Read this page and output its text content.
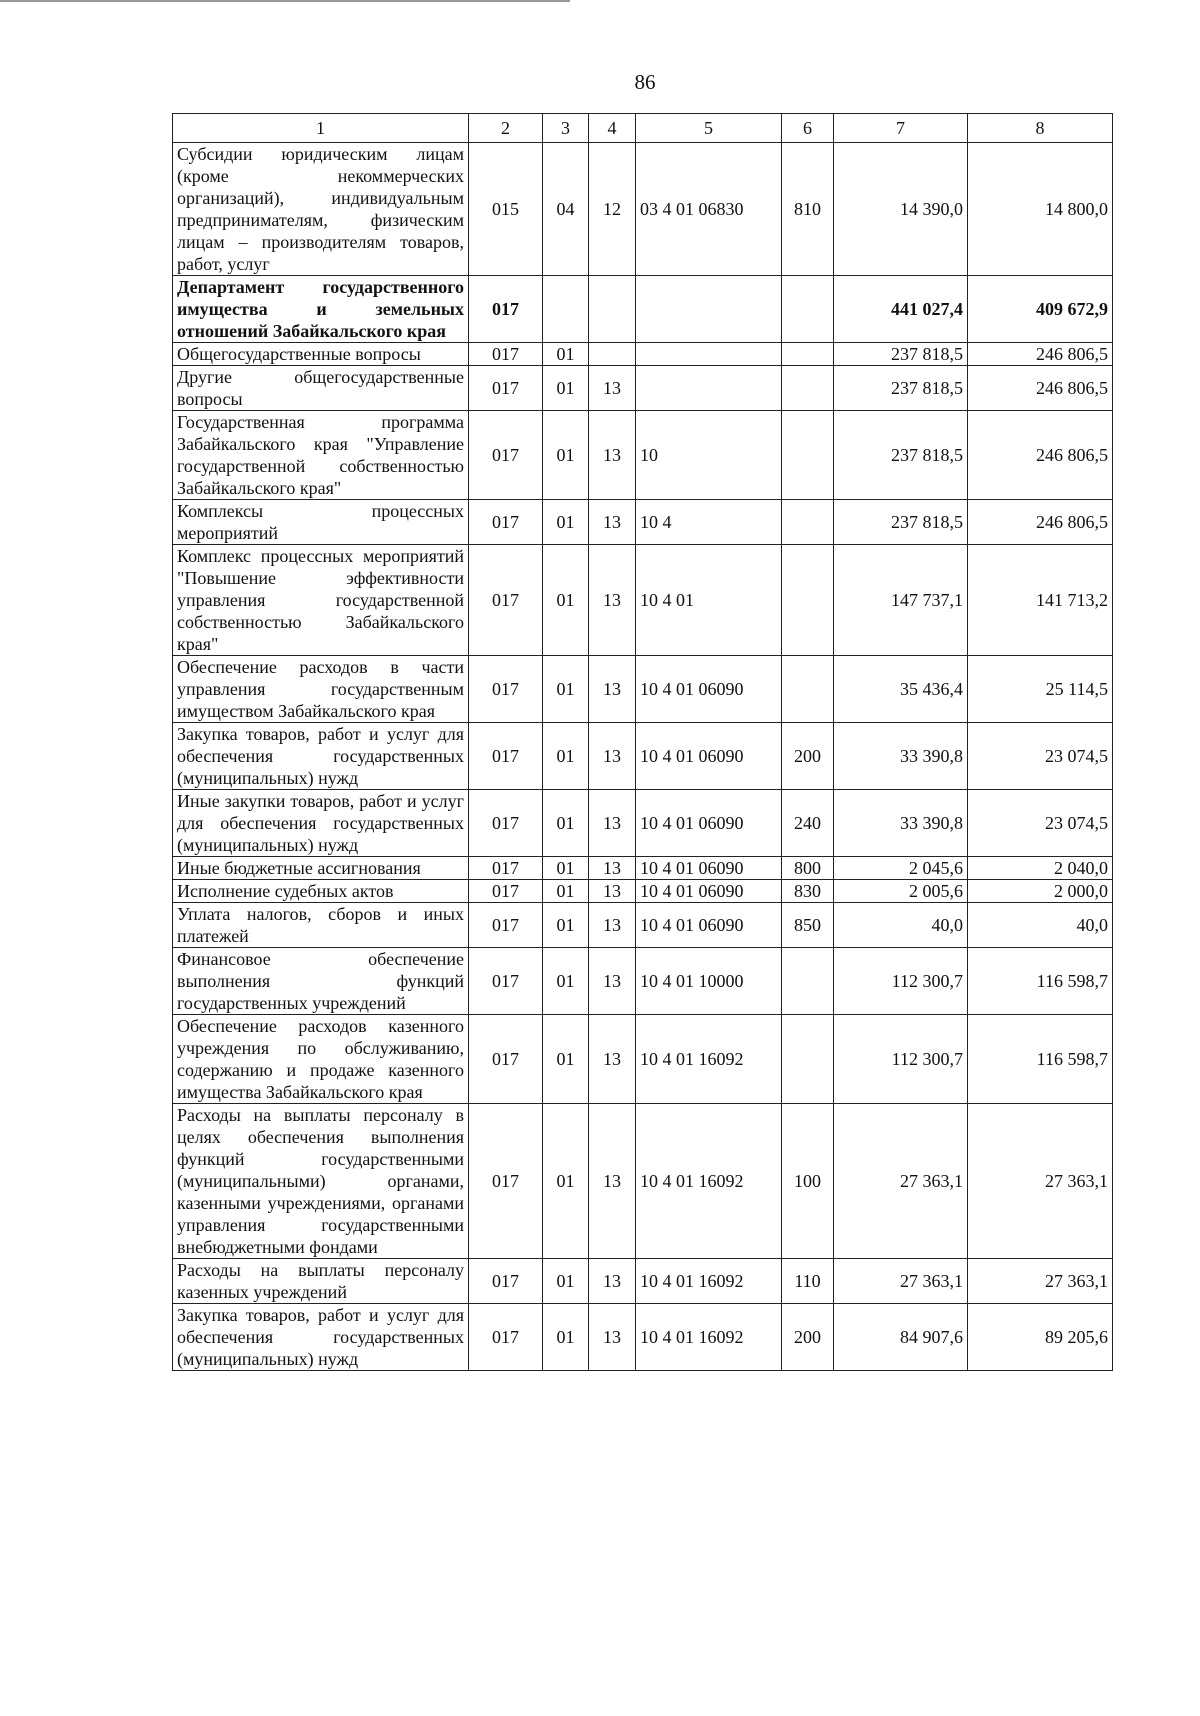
86
1	2	3	4	5	6	7	8
Субсидии юридическим лицам (кроме некоммерческих организаций), индивидуальным предпринимателям, физическим лицам – производителям товаров, работ, услуг	015	04	12	03 4 01 06830	810	14 390,0	14 800,0
Департамент государственного имущества и земельных отношений Забайкальского края	017					441 027,4	409 672,9
Общегосударственные вопросы	017	01				237 818,5	246 806,5
Другие общегосударственные вопросы	017	01	13			237 818,5	246 806,5
Государственная программа Забайкальского края "Управление государственной собственностью Забайкальского края"	017	01	13	10		237 818,5	246 806,5
Комплексы процессных мероприятий	017	01	13	10 4		237 818,5	246 806,5
Комплекс процессных мероприятий "Повышение эффективности управления государственной собственностью Забайкальского края"	017	01	13	10 4 01		147 737,1	141 713,2
Обеспечение расходов в части управления государственным имуществом Забайкальского края	017	01	13	10 4 01 06090		35 436,4	25 114,5
Закупка товаров, работ и услуг для обеспечения государственных (муниципальных) нужд	017	01	13	10 4 01 06090	200	33 390,8	23 074,5
Иные закупки товаров, работ и услуг для обеспечения государственных (муниципальных) нужд	017	01	13	10 4 01 06090	240	33 390,8	23 074,5
Иные бюджетные ассигнования	017	01	13	10 4 01 06090	800	2 045,6	2 040,0
Исполнение судебных актов	017	01	13	10 4 01 06090	830	2 005,6	2 000,0
Уплата налогов, сборов и иных платежей	017	01	13	10 4 01 06090	850	40,0	40,0
Финансовое обеспечение выполнения функций государственных учреждений	017	01	13	10 4 01 10000		112 300,7	116 598,7
Обеспечение расходов казенного учреждения по обслуживанию, содержанию и продаже казенного имущества Забайкальского края	017	01	13	10 4 01 16092		112 300,7	116 598,7
Расходы на выплаты персоналу в целях обеспечения выполнения функций государственными (муниципальными) органами, казенными учреждениями, органами управления государственными внебюджетными фондами	017	01	13	10 4 01 16092	100	27 363,1	27 363,1
Расходы на выплаты персоналу казенных учреждений	017	01	13	10 4 01 16092	110	27 363,1	27 363,1
Закупка товаров, работ и услуг для обеспечения государственных (муниципальных) нужд	017	01	13	10 4 01 16092	200	84 907,6	89 205,6
